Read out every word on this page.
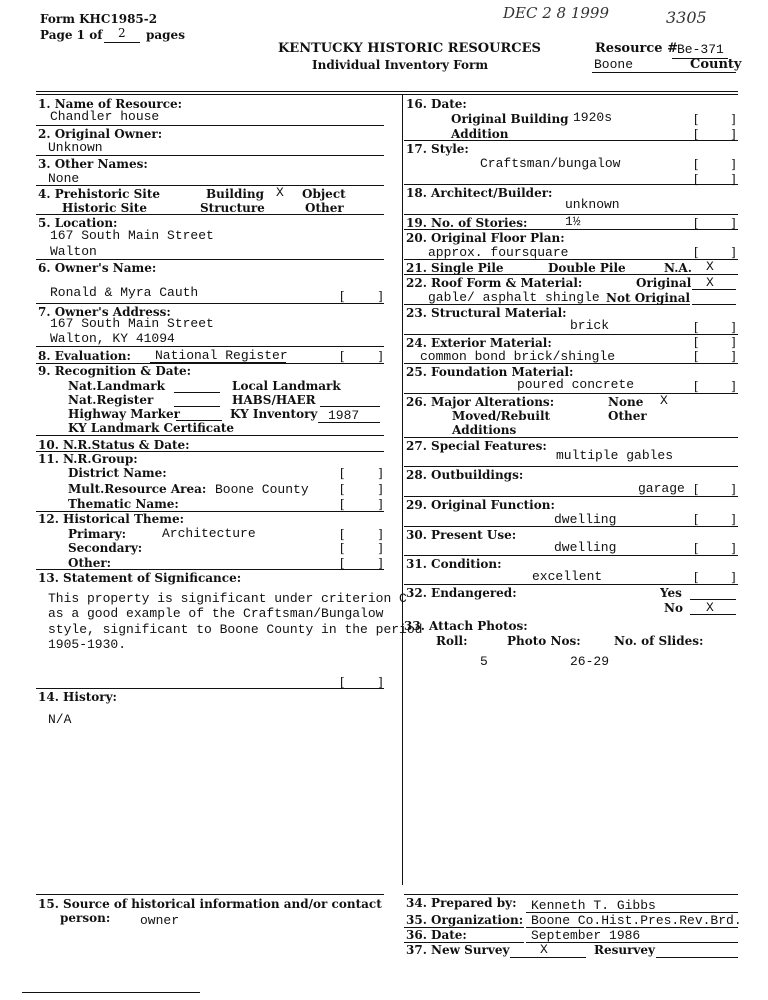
Form KHC1985-2
Page 1 of 2 pages
DEC 2 8 1999	3305
KENTUCKY HISTORIC RESOURCES
Individual Inventory Form
Resource # Be-371
Boone	County
1. Name of Resource:
Chandler house
2. Original Owner:
Unknown
3. Other Names:
None
4. Prehistoric Site	Building X Object
Historic Site	Structure	Other
5. Location:
167 South Main Street
Walton
6. Owner's Name:
Ronald & Myra Cauth	[	]
7. Owner's Address:
167 South Main Street
Walton, KY 41094
8. Evaluation: National Register	[	]
9. Recognition & Date:
Nat.Landmark	Local Landmark
Nat.Register	HABS/HAER
Highway Marker	KY Inventory 1987
KY Landmark Certificate
10. N.R.Status & Date:
11. N.R.Group:
District Name:	[	]
Mult.Resource Area: Boone County	[	]
Thematic Name:	[	]
12. Historical Theme:
Primary:	Architecture	[	]
Secondary:	[	]
Other:	[	]
13. Statement of Significance:
This property is significant under criterion C
as a good example of the Craftsman/Bungalow
style, significant to Boone County in the period
1905-1930.
[	]
14. History:
N/A
15. Source of historical information and/or contact
person: owner
16. Date:
Original Building 1920s	[	]
Addition	[	]
17. Style:
Craftsman/bungalow	[	]
[	]
18. Architect/Builder:
unknown
19. No. of Stories:	1½	[	]
20. Original Floor Plan:
approx. foursquare	[	]
21. Single Pile	Double Pile	N.A. X
22. Roof Form & Material:	Original X
gable/ asphalt shingle Not Original
23. Structural Material:
brick	[	]
24. Exterior Material:
common bond brick/shingle
[	]
[	]
25. Foundation Material:
poured concrete	[	]
26. Major Alterations:	None X
Moved/Rebuilt	Other
Additions
27. Special Features:
multiple gables
28. Outbuildings:
garage [	]
29. Original Function:
dwelling	[	]
30. Present Use:
dwelling	[	]
31. Condition:
excellent	[	]
32. Endangered:	Yes
No X
33. Attach Photos:
Roll:	Photo Nos:	No. of Slides:
5	26-29
34. Prepared by: Kenneth T. Gibbs
35. Organization: Boone Co.Hist.Pres.Rev.Brd.
36. Date:	September 1986
37. New Survey X	Resurvey
